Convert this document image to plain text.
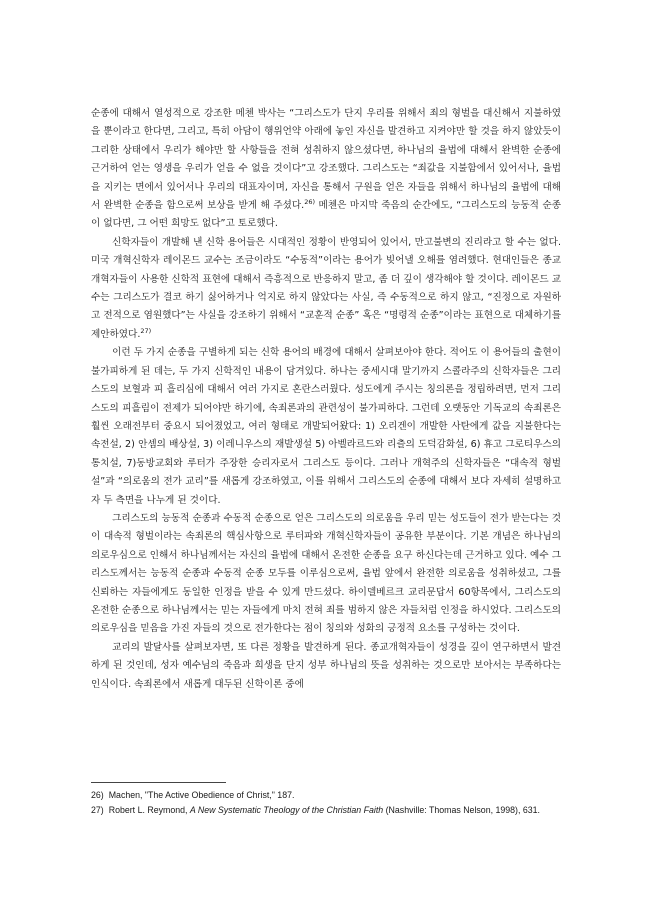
순종에 대해서 열성적으로 강조한 메첸 박사는 “그리스도가 단지 우리를 위해서 죄의 형벌을 대신해서 지불하였을 뿐이라고 한다면, 그리고, 특히 아담이 행위언약 아래에 놓인 자신을 발견하고 지켜야만 할 것을 하지 않았듯이 그리한 상태에서 우리가 해야만 할 사항들을 전혀 성취하지 않으셨다면, 하나님의 율법에 대해서 완벽한 순종에 근거하여 얻는 영생을 우리가 얻을 수 없을 것이다”고 강조했다. 그리스도는 “죄값을 지불함에서 있어서나, 율법을 지키는 면에서 있어서나 우리의 대표자이며, 자신을 통해서 구원을 얻은 자들을 위해서 하나님의 율법에 대해서 완벽한 순종을 함으로써 보상을 받게 해 주셨다.$^{26)}$ 메첸은 마지막 죽음의 순간에도, “그리스도의 능동적 순종이 없다면, 그 어떤 희망도 없다”고 토로했다.

신학자들이 개발해 낸 신학 용어들은 시대적인 정황이 반영되어 있어서, 만고불변의 진리라고 할 수는 없다. 미국 개혁신학자 레이몬드 교수는 조금이라도 “수동적”이라는 용어가 빚어낼 오해를 염려했다. 현대인들은 종교개혁자들이 사용한 신학적 표현에 대해서 즉흥적으로 반응하지 말고, 좀 더 깊이 생각해야 할 것이다. 레이몬드 교수는 그리스도가 결코 하기 싫어하거나 억지로 하지 않았다는 사실, 즉 수동적으로 하지 않고, “진정으로 자원하고 전적으로 염원했다”는 사실을 강조하기 위해서 “교훈적 순종” 혹은 “명령적 순종”이라는 표현으로 대체하기를 제안하였다.$^{27)}$

이런 두 가지 순종을 구별하게 되는 신학 용어의 배경에 대해서 살펴보아야 한다. 적어도 이 용어들의 출현이 불가피하게 된 데는, 두 가지 신학적인 내용이 담겨있다. 하나는 중세시대 말기까지 스콜라주의 신학자들은 그리스도의 보혈과 피 흘리심에 대해서 여러 가지로 혼란스러웠다. 성도에게 주시는 칭의론을 정립하려면, 먼저 그리스도의 피흘림이 전제가 되어야만 하기에, 속죄론과의 관련성이 불가피하다. 그런데 오랫동안 기독교의 속죄론은 훨씬 오래전부터 중요시 되어졌었고, 여러 형태로 개발되어왔다: 1) 오리겐이 개발한 사탄에게 값을 지불한다는 속전설, 2) 안셈의 배상설, 3) 이레니우스의 재발생설 5) 아벨라르드와 리츨의 도덕감화설, 6) 휴고 그로티우스의 통치설, 7)동방교회와 루터가 주장한 승리자로서 그리스도 등이다. 그러나 개혁주의 신학자들은 “대속적 형벌설”과 “의로움의 전가 교리”를 새롭게 강조하였고, 이를 위해서 그리스도의 순종에 대해서 보다 자세히 설명하고자 두 측면을 나누게 된 것이다.

그리스도의 능동적 순종과 수동적 순종으로 얻은 그리스도의 의로움을 우리 믿는 성도들이 전가 받는다는 것이 대속적 형벌이라는 속죄론의 핵심사항으로 루터파와 개혁신학자들이 공유한 부분이다. 기본 개념은 하나님의 의로우심으로 인해서 하나님께서는 자신의 율법에 대해서 온전한 순종을 요구 하신다는데 근거하고 있다. 예수 그리스도께서는 능동적 순종과 수동적 순종 모두를 이루심으로써, 율법 앞에서 완전한 의로움을 성취하셨고, 그를 신뢰하는 자들에게도 동일한 인정을 받을 수 있게 만드셨다. 하이델베르크 교리문답서 60항목에서, 그리스도의 온전한 순종으로 하나님께서는 믿는 자들에게 마치 전혀 죄를 범하지 않은 자들처럼 인정을 하시었다. 그리스도의 의로우심을 믿음을 가진 자들의 것으로 전가한다는 점이 칭의와 성화의 긍정적 요소를 구성하는 것이다.

교리의 발달사를 살펴보자면, 또 다른 정황을 발견하게 된다. 종교개혁자들이 성경을 깊이 연구하면서 발견하게 된 것인데, 성자 예수님의 죽음과 희생을 단지 성부 하나님의 뜻을 성취하는 것으로만 보아서는 부족하다는 인식이다. 속죄론에서 새롭게 대두된 신학이론 중에

26) Machen, "The Active Obedience of Christ," 187.
27) Robert L. Reymond, A New Systematic Theology of the Christian Faith (Nashville: Thomas Nelson, 1998), 631.
